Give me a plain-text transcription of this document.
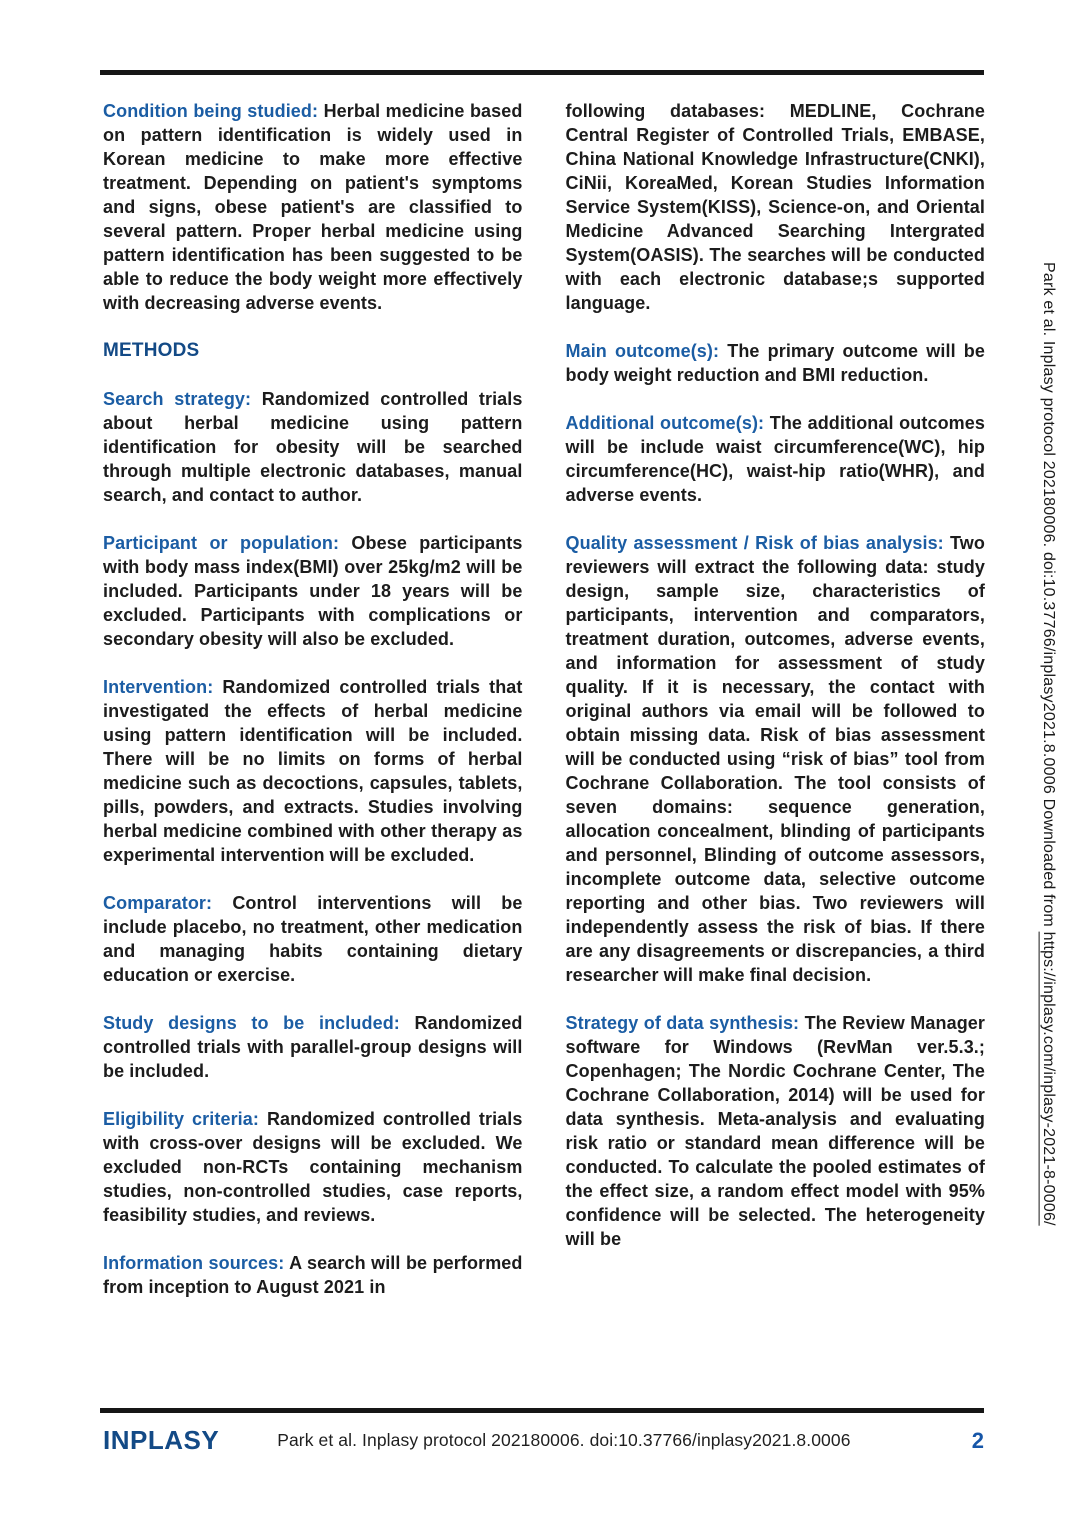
Condition being studied: Herbal medicine based on pattern identification is widely used in Korean medicine to make more effective treatment. Depending on patient's symptoms and signs, obese patient's are classified to several pattern. Proper herbal medicine using pattern identification has been suggested to be able to reduce the body weight more effectively with decreasing adverse events.

METHODS

Search strategy: Randomized controlled trials about herbal medicine using pattern identification for obesity will be searched through multiple electronic databases, manual search, and contact to author.

Participant or population: Obese participants with body mass index(BMI) over 25kg/m2 will be included. Participants under 18 years will be excluded. Participants with complications or secondary obesity will also be excluded.

Intervention: Randomized controlled trials that investigated the effects of herbal medicine using pattern identification will be included. There will be no limits on forms of herbal medicine such as decoctions, capsules, tablets, pills, powders, and extracts. Studies involving herbal medicine combined with other therapy as experimental intervention will be excluded.

Comparator: Control interventions will be include placebo, no treatment, other medication and managing habits containing dietary education or exercise.

Study designs to be included: Randomized controlled trials with parallel-group designs will be included.

Eligibility criteria: Randomized controlled trials with cross-over designs will be excluded. We excluded non-RCTs containing mechanism studies, non-controlled studies, case reports, feasibility studies, and reviews.

Information sources: A search will be performed from inception to August 2021 in

following databases: MEDLINE, Cochrane Central Register of Controlled Trials, EMBASE, China National Knowledge Infrastructure(CNKI), CiNii, KoreaMed, Korean Studies Information Service System(KISS), Science-on, and Oriental Medicine Advanced Searching Intergrated System(OASIS). The searches will be conducted with each electronic database;s supported language.

Main outcome(s): The primary outcome will be body weight reduction and BMI reduction.

Additional outcome(s): The additional outcomes will be include waist circumference(WC), hip circumference(HC), waist-hip ratio(WHR), and adverse events.

Quality assessment / Risk of bias analysis: Two reviewers will extract the following data: study design, sample size, characteristics of participants, intervention and comparators, treatment duration, outcomes, adverse events, and information for assessment of study quality. If it is necessary, the contact with original authors via email will be followed to obtain missing data. Risk of bias assessment will be conducted using “risk of bias” tool from Cochrane Collaboration. The tool consists of seven domains: sequence generation, allocation concealment, blinding of participants and personnel, Blinding of outcome assessors, incomplete outcome data, selective outcome reporting and other bias. Two reviewers will independently assess the risk of bias. If there are any disagreements or discrepancies, a third researcher will make final decision.

Strategy of data synthesis: The Review Manager software for Windows (RevMan ver.5.3.; Copenhagen; The Nordic Cochrane Center, The Cochrane Collaboration, 2014) will be used for data synthesis. Meta-analysis and evaluating risk ratio or standard mean difference will be conducted. To calculate the pooled estimates of the effect size, a random effect model with 95% confidence will be selected. The heterogeneity will be

Park et al. Inplasy protocol 202180006. doi:10.37766/inplasy2021.8.0006 Downloaded from https://inplasy.com/inplasy-2021-8-0006/
INPLASY	Park et al. Inplasy protocol 202180006. doi:10.37766/inplasy2021.8.0006	2
